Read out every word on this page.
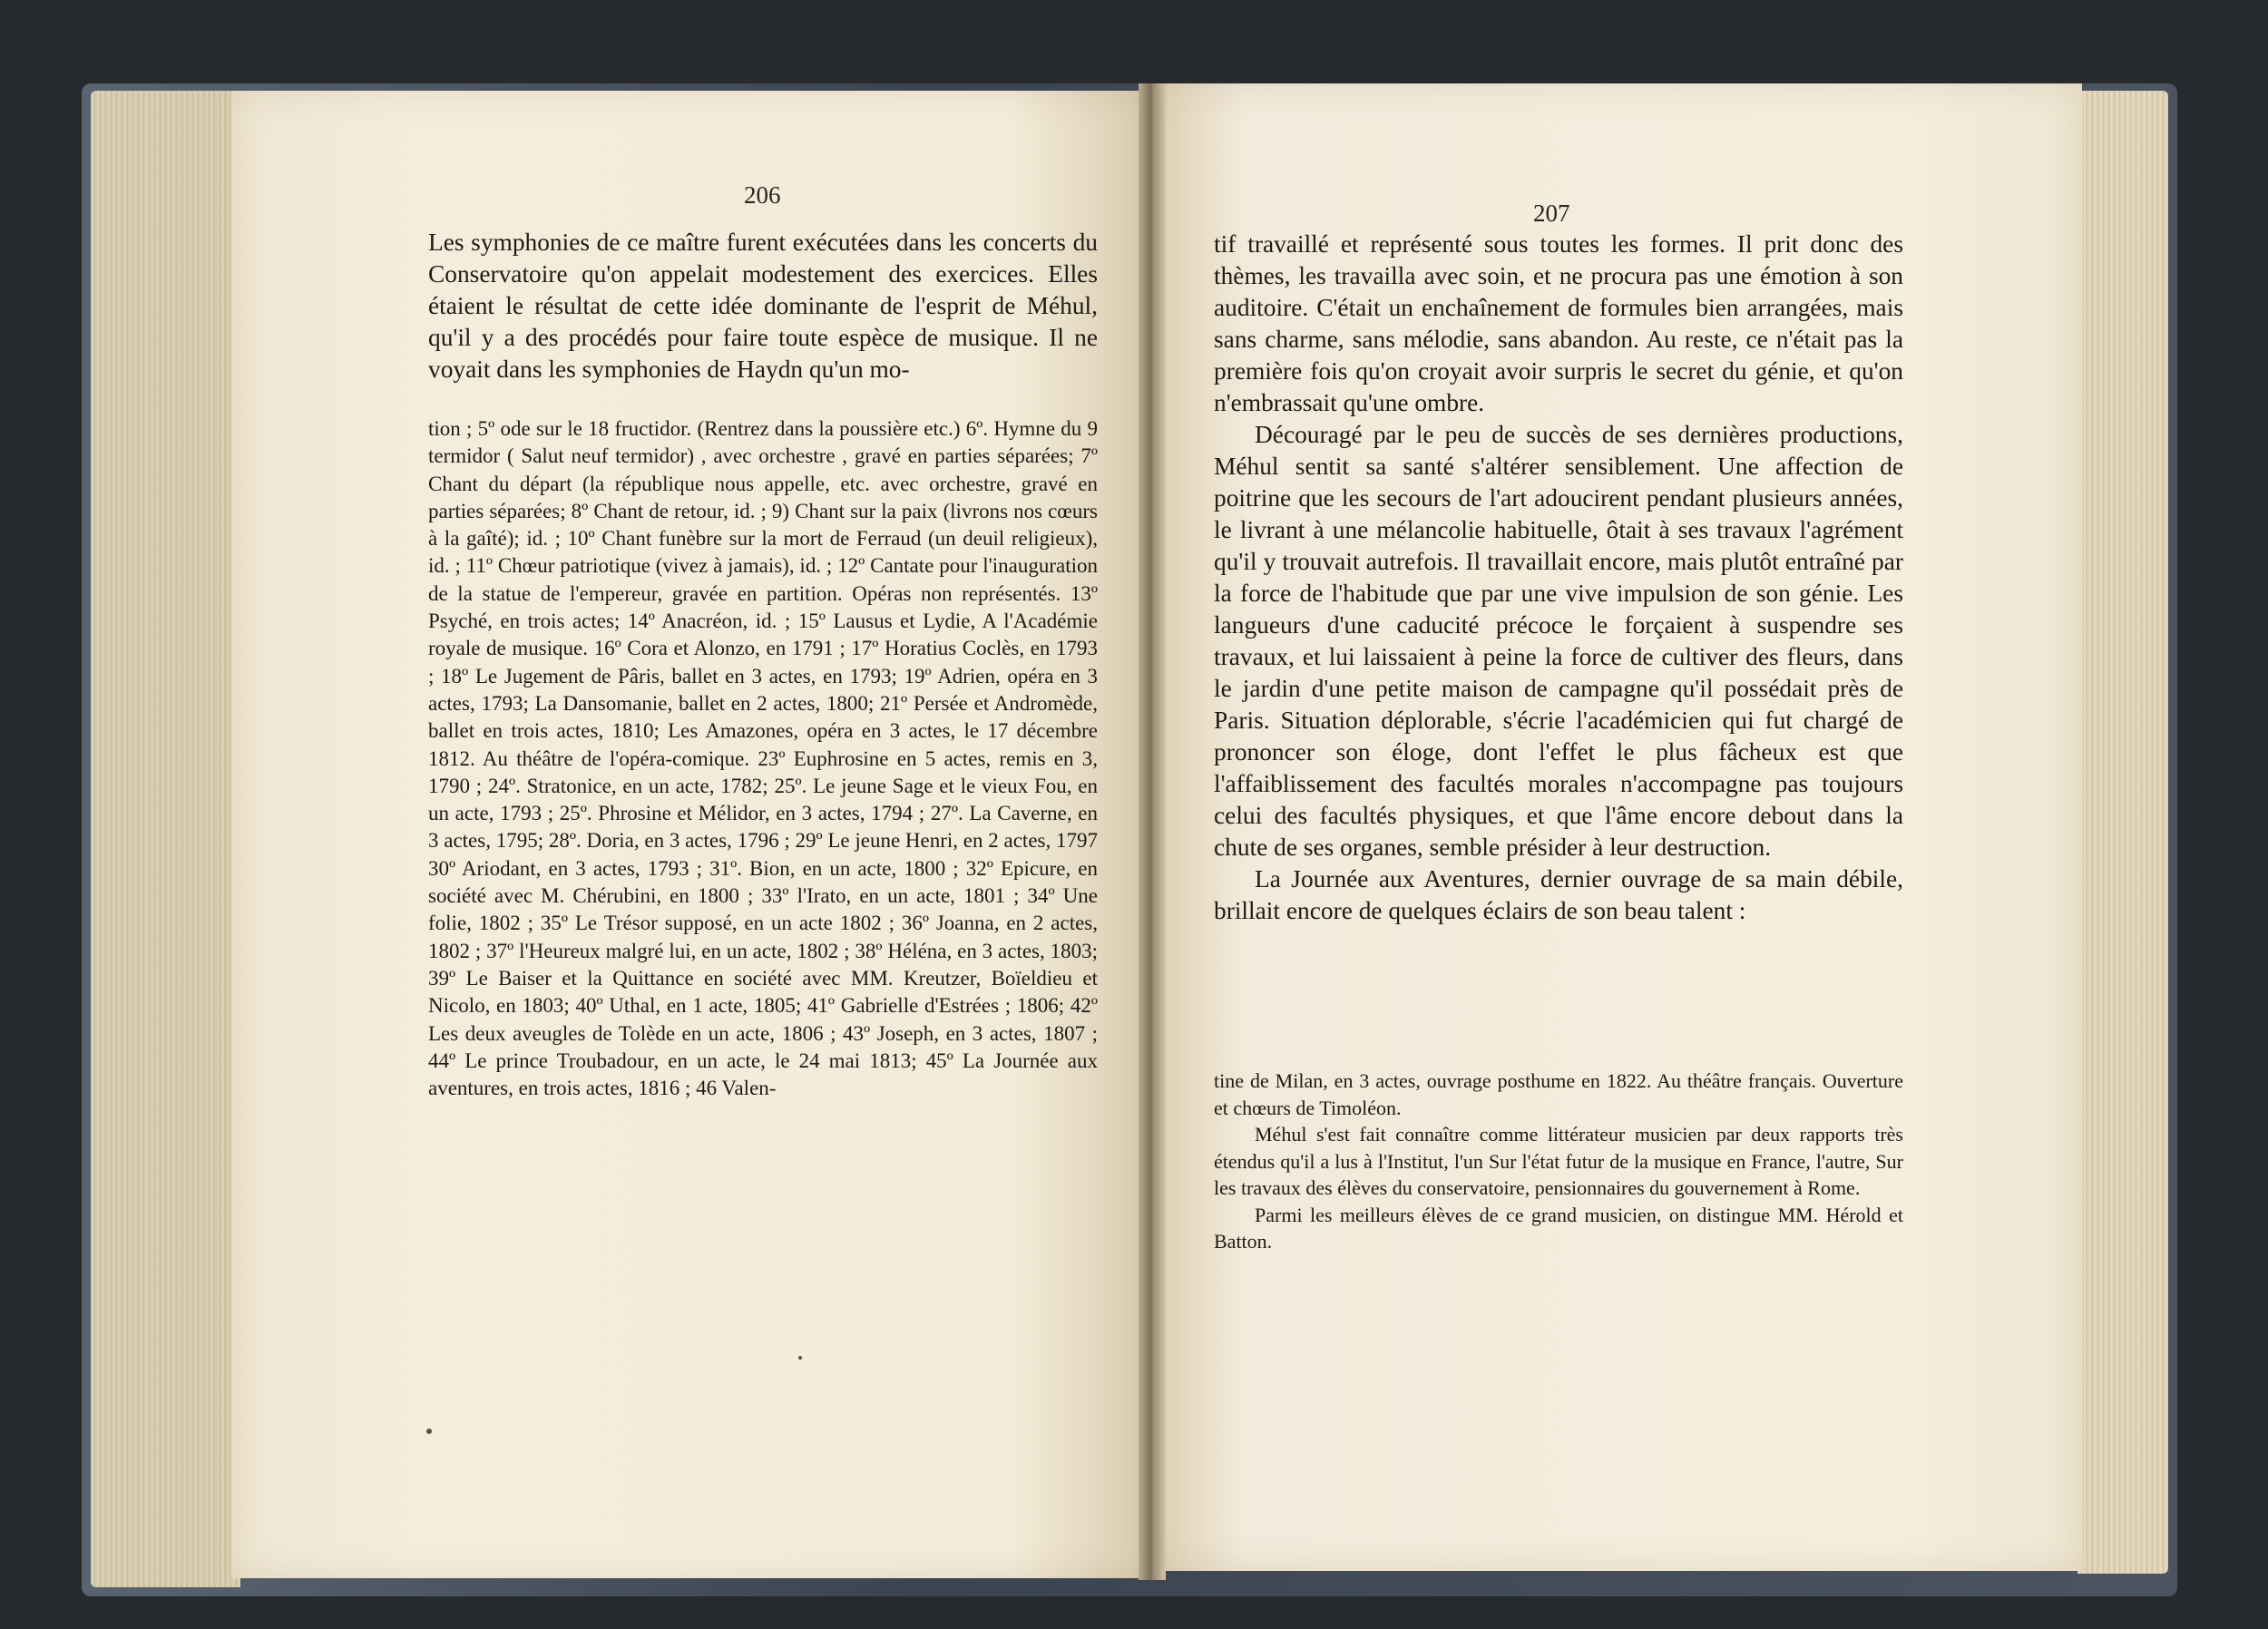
206

Les symphonies de ce maître furent exécutées dans les concerts du Conservatoire qu'on appelait modestement des exercices. Elles étaient le résultat de cette idée dominante de l'esprit de Méhul, qu'il y a des procédés pour faire toute espèce de musique. Il ne voyait dans les symphonies de Haydn qu'un mo-

tion ; 5º ode sur le 18 fructidor. (Rentrez dans la poussière etc.) 6º. Hymne du 9 termidor ( Salut neuf termidor) , avec orchestre , gravé en parties séparées; 7º Chant du départ (la république nous appelle, etc. avec orchestre, gravé en parties séparées; 8º Chant de retour, id. ; 9) Chant sur la paix (livrons nos cœurs à la gaîté); id. ; 10º Chant funèbre sur la mort de Ferraud (un deuil religieux), id. ; 11º Chœur patriotique (vivez à jamais), id. ; 12º Cantate pour l'inauguration de la statue de l'empereur, gravée en partition. Opéras non représentés. 13º Psyché, en trois actes; 14º Anacréon, id. ; 15º Lausus et Lydie, A l'Académie royale de musique. 16º Cora et Alonzo, en 1791 ; 17º Horatius Coclès, en 1793 ; 18º Le Jugement de Pâris, ballet en 3 actes, en 1793; 19º Adrien, opéra en 3 actes, 1793; La Dansomanie, ballet en 2 actes, 1800; 21º Persée et Andromède, ballet en trois actes, 1810; Les Amazones, opéra en 3 actes, le 17 décembre 1812. Au théâtre de l'opéra-comique. 23º Euphrosine en 5 actes, remis en 3, 1790 ; 24º. Stratonice, en un acte, 1782; 25º. Le jeune Sage et le vieux Fou, en un acte, 1793 ; 25º. Phrosine et Mélidor, en 3 actes, 1794 ; 27º. La Caverne, en 3 actes, 1795; 28º. Doria, en 3 actes, 1796 ; 29º Le jeune Henri, en 2 actes, 1797 30º Ariodant, en 3 actes, 1793 ; 31º. Bion, en un acte, 1800 ; 32º Epicure, en société avec M. Chérubini, en 1800 ; 33º l'Irato, en un acte, 1801 ; 34º Une folie, 1802 ; 35º Le Trésor supposé, en un acte 1802 ; 36º Joanna, en 2 actes, 1802 ; 37º l'Heureux malgré lui, en un acte, 1802 ; 38º Héléna, en 3 actes, 1803; 39º Le Baiser et la Quittance en société avec MM. Kreutzer, Boïeldieu et Nicolo, en 1803; 40º Uthal, en 1 acte, 1805; 41º Gabrielle d'Estrées ; 1806; 42º Les deux aveugles de Tolède en un acte, 1806 ; 43º Joseph, en 3 actes, 1807 ; 44º Le prince Troubadour, en un acte, le 24 mai 1813; 45º La Journée aux aventures, en trois actes, 1816 ; 46 Valen-

207

tif travaillé et représenté sous toutes les formes. Il prit donc des thèmes, les travailla avec soin, et ne procura pas une émotion à son auditoire. C'était un enchaînement de formules bien arrangées, mais sans charme, sans mélodie, sans abandon. Au reste, ce n'était pas la première fois qu'on croyait avoir surpris le secret du génie, et qu'on n'embrassait qu'une ombre.

Découragé par le peu de succès de ses dernières productions, Méhul sentit sa santé s'altérer sensiblement. Une affection de poitrine que les secours de l'art adoucirent pendant plusieurs années, le livrant à une mélancolie habituelle, ôtait à ses travaux l'agrément qu'il y trouvait autrefois. Il travaillait encore, mais plutôt entraîné par la force de l'habitude que par une vive impulsion de son génie. Les langueurs d'une caducité précoce le forçaient à suspendre ses travaux, et lui laissaient à peine la force de cultiver des fleurs, dans le jardin d'une petite maison de campagne qu'il possédait près de Paris. Situation déplorable, s'écrie l'académicien qui fut chargé de prononcer son éloge, dont l'effet le plus fâcheux est que l'affaiblissement des facultés morales n'accompagne pas toujours celui des facultés physiques, et que l'âme encore debout dans la chute de ses organes, semble présider à leur destruction.

La Journée aux Aventures, dernier ouvrage de sa main débile, brillait encore de quelques éclairs de son beau talent :

tine de Milan, en 3 actes, ouvrage posthume en 1822. Au théâtre français. Ouverture et chœurs de Timoléon.

Méhul s'est fait connaître comme littérateur musicien par deux rapports très étendus qu'il a lus à l'Institut, l'un Sur l'état futur de la musique en France, l'autre, Sur les travaux des élèves du conservatoire, pensionnaires du gouvernement à Rome.

Parmi les meilleurs élèves de ce grand musicien, on distingue MM. Hérold et Batton.
